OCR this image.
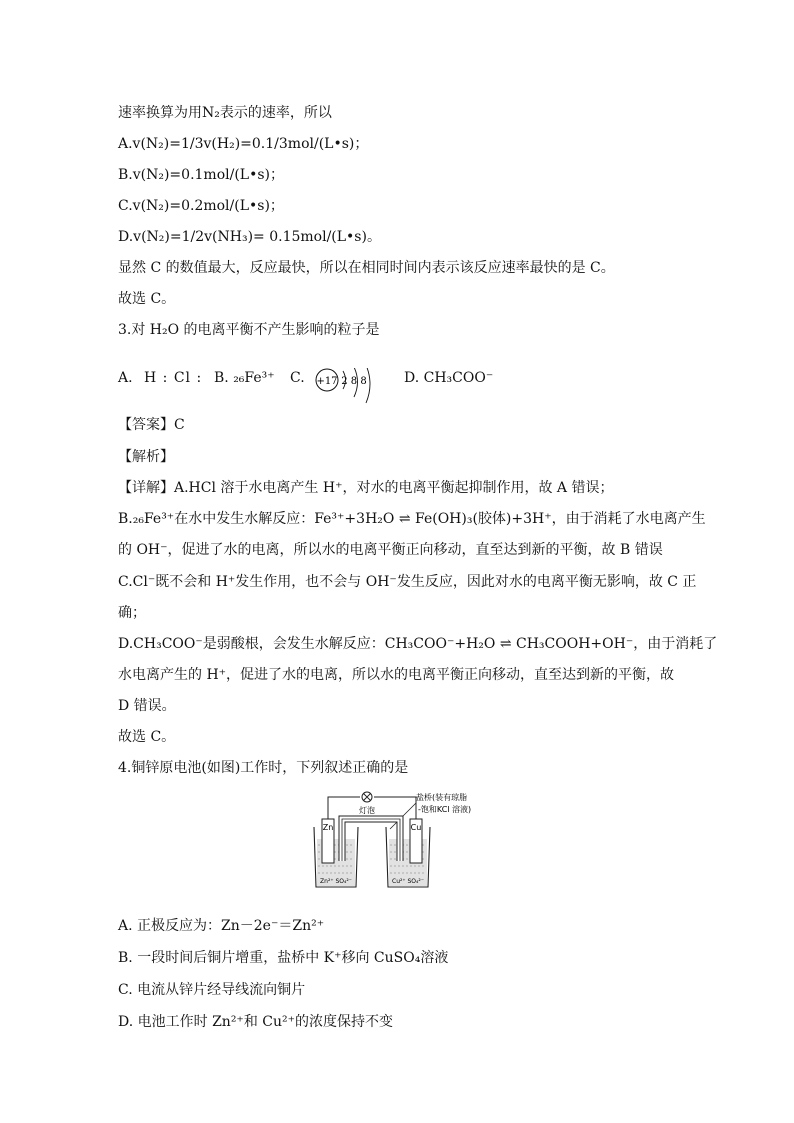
速率换算为用N₂表示的速率，所以
A.v(N₂)=1/3v(H₂)=0.1/3mol/(L•s)；
B.v(N₂)=0.1mol/(L•s)；
C.v(N₂)=0.2mol/(L•s)；
D.v(N₂)=1/2v(NH₃)= 0.15mol/(L•s)。
显然 C 的数值最大，反应最快，所以在相同时间内表示该反应速率最快的是 C。
故选 C。
3.对 H₂O 的电离平衡不产生影响的粒子是
A. H : Cl : B. ₂₆Fe³⁺ C. +17 2 8 8	D. CH₃COO⁻
【答案】C
【解析】
【详解】A.HCl 溶于水电离产生 H⁺，对水的电离平衡起抑制作用，故 A 错误；
B.₂₆Fe³⁺在水中发生水解反应：Fe³⁺+3H₂O ⇌ Fe(OH)₃(胶体)+3H⁺，由于消耗了水电离产生
的 OH⁻，促进了水的电离，所以水的电离平衡正向移动，直至达到新的平衡，故 B 错误
C.Cl⁻既不会和 H⁺发生作用，也不会与 OH⁻发生反应，因此对水的电离平衡无影响，故 C 正
确；
D.CH₃COO⁻是弱酸根，会发生水解反应：CH₃COO⁻+H₂O ⇌ CH₃COOH+OH⁻，由于消耗了
水电离产生的 H⁺，促进了水的电离，所以水的电离平衡正向移动，直至达到新的平衡，故
D 错误。
故选 C。
4.铜锌原电池(如图)工作时，下列叙述正确的是
灯泡
盐桥(装有琼脂
-饱和KCl 溶液)
Zn
Zn²⁺ SO₄²⁻
Cu
Cu²⁺ SO₄²⁻
A. 正极反应为：Zn－2e⁻＝Zn²⁺
B. 一段时间后铜片增重，盐桥中 K⁺移向 CuSO₄溶液
C. 电流从锌片经导线流向铜片
D. 电池工作时 Zn²⁺和 Cu²⁺的浓度保持不变
